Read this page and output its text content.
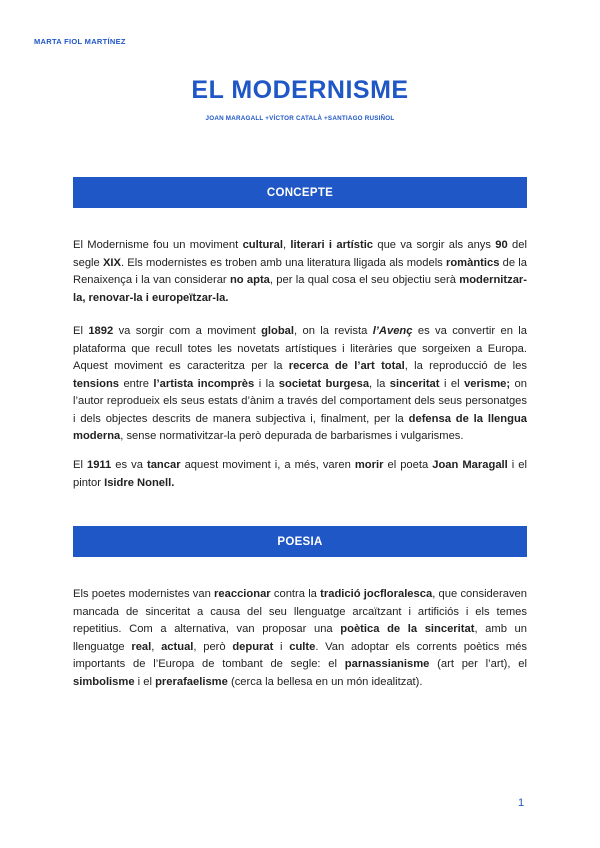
MARTA FIOL MARTÍNEZ
EL MODERNISME
JOAN MARAGALL +VÍCTOR CATALÀ +SANTIAGO RUSIÑOL
CONCEPTE
El Modernisme fou un moviment cultural, literari i artístic que va sorgir als anys 90 del segle XIX. Els modernistes es troben amb una literatura lligada als models romàntics de la Renaixença i la van considerar no apta, per la qual cosa el seu objectiu serà modernitzar-la, renovar-la i europeïtzar-la.
El 1892 va sorgir com a moviment global, on la revista l’Avenç es va convertir en la plataforma que recull totes les novetats artístiques i literàries que sorgeixen a Europa. Aquest moviment es caracteritza per la recerca de l’art total, la reproducció de les tensions entre l’artista incomprès i la societat burgesa, la sinceritat i el verisme; on l’autor reprodueix els seus estats d’ànim a través del comportament dels seus personatges i dels objectes descrits de manera subjectiva i, finalment, per la defensa de la llengua moderna, sense normativitzar-la però depurada de barbarismes i vulgarismes.
El 1911 es va tancar aquest moviment i, a més, varen morir el poeta Joan Maragall i el pintor Isidre Nonell.
POESIA
Els poetes modernistes van reaccionar contra la tradició jocfloralesca, que consideraven mancada de sinceritat a causa del seu llenguatge arcaïtzant i artificiós i els temes repetitius. Com a alternativa, van proposar una poètica de la sinceritat, amb un llenguatge real, actual, però depurat i culte. Van adoptar els corrents poètics més importants de l’Europa de tombant de segle: el parnassianisme (art per l’art), el simbolisme i el prerafaelisme (cerca la bellesa en un món idealitzat).
1
